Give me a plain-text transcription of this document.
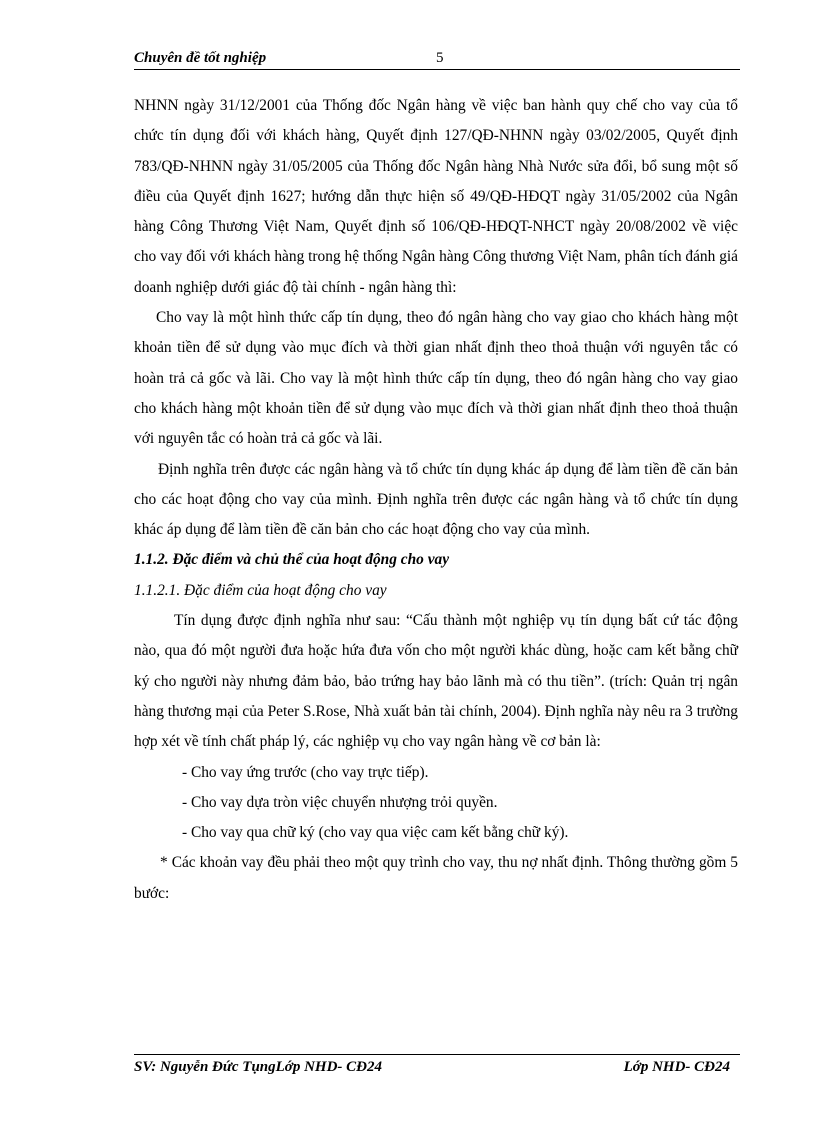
Chuyên đề tốt nghiệp	5

NHNN ngày 31/12/2001 của Thống đốc Ngân hàng về việc ban hành quy chế cho vay của tổ chức tín dụng đối với khách hàng, Quyết định 127/QĐ-NHNN ngày 03/02/2005, Quyết định 783/QĐ-NHNN ngày 31/05/2005 của Thống đốc Ngân hàng Nhà Nước sửa đổi, bổ sung một số điều của Quyết định 1627; hướng dẫn thực hiện số 49/QĐ-HĐQT ngày 31/05/2002 của Ngân hàng Công Thương Việt Nam, Quyết định số 106/QĐ-HĐQT-NHCT ngày 20/08/2002 về việc cho vay đối với khách hàng trong hệ thống Ngân hàng Công thương Việt Nam, phân tích đánh giá doanh nghiệp dưới giác độ tài chính - ngân hàng thì:

Cho vay là một hình thức cấp tín dụng, theo đó ngân hàng cho vay giao cho khách hàng một khoản tiền để sử dụng vào mục đích và thời gian nhất định theo thoả thuận với nguyên tắc có hoàn trả cả gốc và lãi. Cho vay là một hình thức cấp tín dụng, theo đó ngân hàng cho vay giao cho khách hàng một khoản tiền để sử dụng vào mục đích và thời gian nhất định theo thoả thuận với nguyên tắc có hoàn trả cả gốc và lãi.

Định nghĩa trên được các ngân hàng và tổ chức tín dụng khác áp dụng để làm tiền đề căn bản cho các hoạt động cho vay của mình. Định nghĩa trên được các ngân hàng và tổ chức tín dụng khác áp dụng để làm tiền đề căn bản cho các hoạt động cho vay của mình.

1.1.2. Đặc điểm và chủ thể của hoạt động cho vay

1.1.2.1. Đặc điểm của hoạt động cho vay

Tín dụng được định nghĩa như sau: “Cấu thành một nghiệp vụ tín dụng bất cứ tác động nào, qua đó một người đưa hoặc hứa đưa vốn cho một người khác dùng, hoặc cam kết bằng chữ ký cho người này nhưng đảm bảo, bảo trứng hay bảo lãnh mà có thu tiền”. (trích: Quản trị ngân hàng thương mại của Peter S.Rose, Nhà xuất bản tài chính, 2004). Định nghĩa này nêu ra 3 trường hợp xét về tính chất pháp lý, các nghiệp vụ cho vay ngân hàng về cơ bản là:

- Cho vay ứng trước (cho vay trực tiếp).

- Cho vay dựa tròn việc chuyển nhượng trỏi quyền.

- Cho vay qua chữ ký (cho vay qua việc cam kết bằng chữ ký).

* Các khoản vay đều phải theo một quy trình cho vay, thu nợ nhất định. Thông thường gồm 5 bước:

SV: Nguyễn Đức TụngLớp NHD- CĐ24	Lớp NHD- CĐ24
